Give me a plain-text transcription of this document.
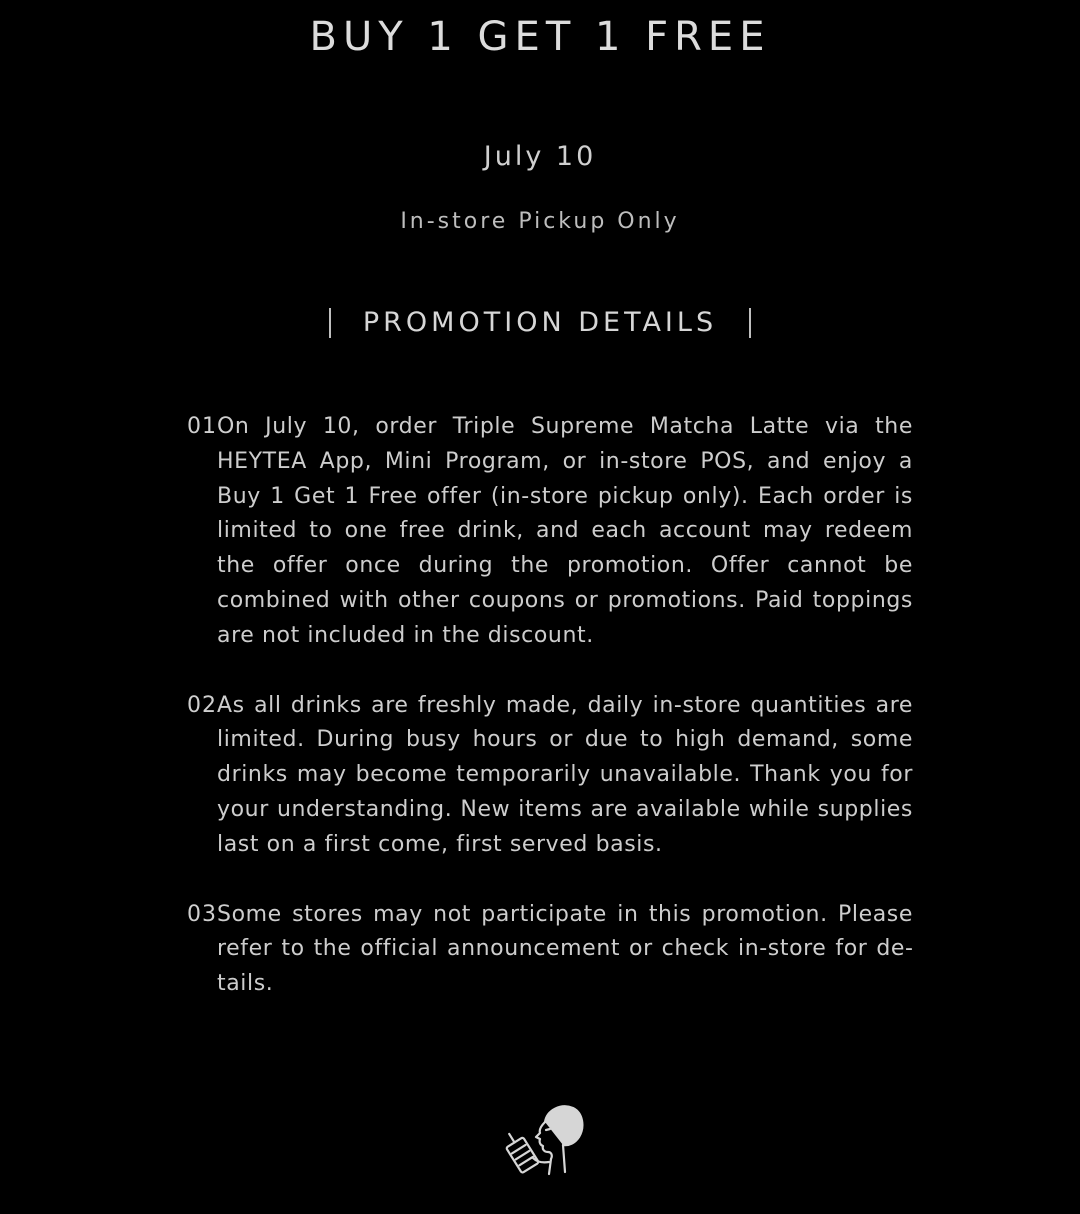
BUY 1 GET 1 FREE
July 10
In-store Pickup Only
PROMOTION DETAILS
01 On July 10, order Triple Supreme Matcha Latte via the HEYTEA App, Mini Program, or in-store POS, and enjoy a Buy 1 Get 1 Free offer (in-store pickup only). Each order is limited to one free drink, and each account may redeem the offer once during the promotion. Offer cannot be combined with other coupons or promotions. Paid toppings are not included in the discount.
02 As all drinks are freshly made, daily in-store quantities are limited. During busy hours or due to high demand, some drinks may become temporarily unavailable. Thank you for your understanding. New items are available while supplies last on a first come, first served basis.
03 Some stores may not participate in this promotion. Please refer to the official announcement or check in-store for details.
